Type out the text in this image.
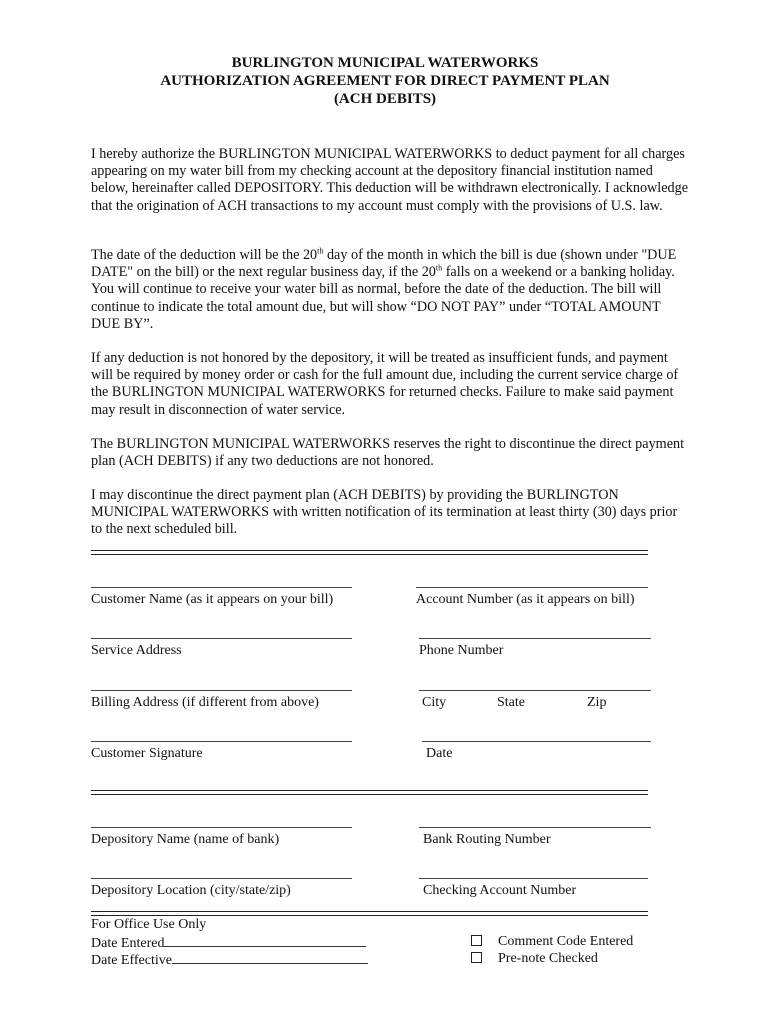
BURLINGTON MUNICIPAL WATERWORKS
AUTHORIZATION AGREEMENT FOR DIRECT PAYMENT PLAN
(ACH DEBITS)

I hereby authorize the BURLINGTON MUNICIPAL WATERWORKS to deduct payment for all charges appearing on my water bill from my checking account at the depository financial institution named below, hereinafter called DEPOSITORY. This deduction will be withdrawn electronically. I acknowledge that the origination of ACH transactions to my account must comply with the provisions of U.S. law.

The date of the deduction will be the 20th day of the month in which the bill is due (shown under "DUE DATE" on the bill) or the next regular business day, if the 20th falls on a weekend or a banking holiday. You will continue to receive your water bill as normal, before the date of the deduction. The bill will continue to indicate the total amount due, but will show “DO NOT PAY” under “TOTAL AMOUNT DUE BY”.

If any deduction is not honored by the depository, it will be treated as insufficient funds, and payment will be required by money order or cash for the full amount due, including the current service charge of the BURLINGTON MUNICIPAL WATERWORKS for returned checks. Failure to make said payment may result in disconnection of water service.

The BURLINGTON MUNICIPAL WATERWORKS reserves the right to discontinue the direct payment plan (ACH DEBITS) if any two deductions are not honored.

I may discontinue the direct payment plan (ACH DEBITS) by providing the BURLINGTON MUNICIPAL WATERWORKS with written notification of its termination at least thirty (30) days prior to the next scheduled bill.

Customer Name (as it appears on your bill)	Account Number (as it appears on bill)
Service Address	Phone Number
Billing Address (if different from above)	City	State	Zip
Customer Signature	Date
Depository Name (name of bank)	Bank Routing Number
Depository Location (city/state/zip)	Checking Account Number
For Office Use Only
Date Entered
Date Effective
Comment Code Entered
Pre-note Checked
